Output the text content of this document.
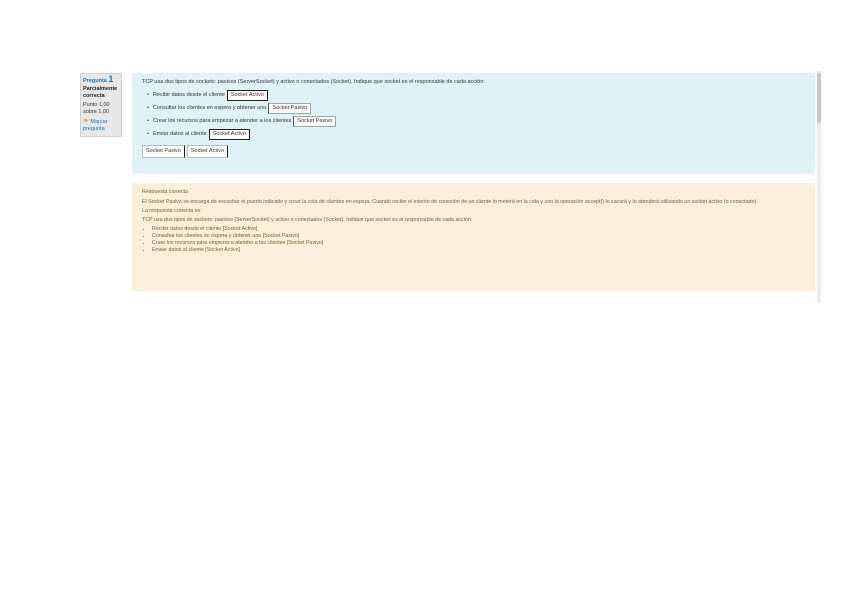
Pregunta 1
Parcialmente correcta
Punto 1,00 sobre 1,00
⚑ Marcar pregunta
TCP usa dos tipos de sockets: pasivos (ServerSocket) y activo o conectados (Socket). Indique que socket es el responsable de cada acción:
• Recibir datos desde el cliente	Socket Activo
• Consultar los clientes en espera y obtener uno	Socket Pasivo
• Crear los recursos para empezar a atender a los clientes	Socket Pasivo
• Enviar datos al cliente	Socket Activo
Socket Pasivo	Socket Activo
Respuesta correcta

El Socket Pasivo se encarga de escuchar el puerto indicado y crear la cola de clientes en espera. Cuando recibe el intento de conexión de un cliente lo meterá en la cola y con la operación accept() lo sacará y lo atenderá utilizando un socket activo (o conectado).

La respuesta correcta es:

TCP usa dos tipos de sockets: pasivos (ServerSocket) y activo o conectados (Socket). Indique que socket es el responsable de cada acción:

• Recibir datos desde el cliente [Socket Activo]
• Consultar los clientes en espera y obtener uno [Socket Pasivo]
• Crear los recursos para empezar a atender a los clientes [Socket Pasivo]
• Enviar datos al cliente [Socket Activo]
